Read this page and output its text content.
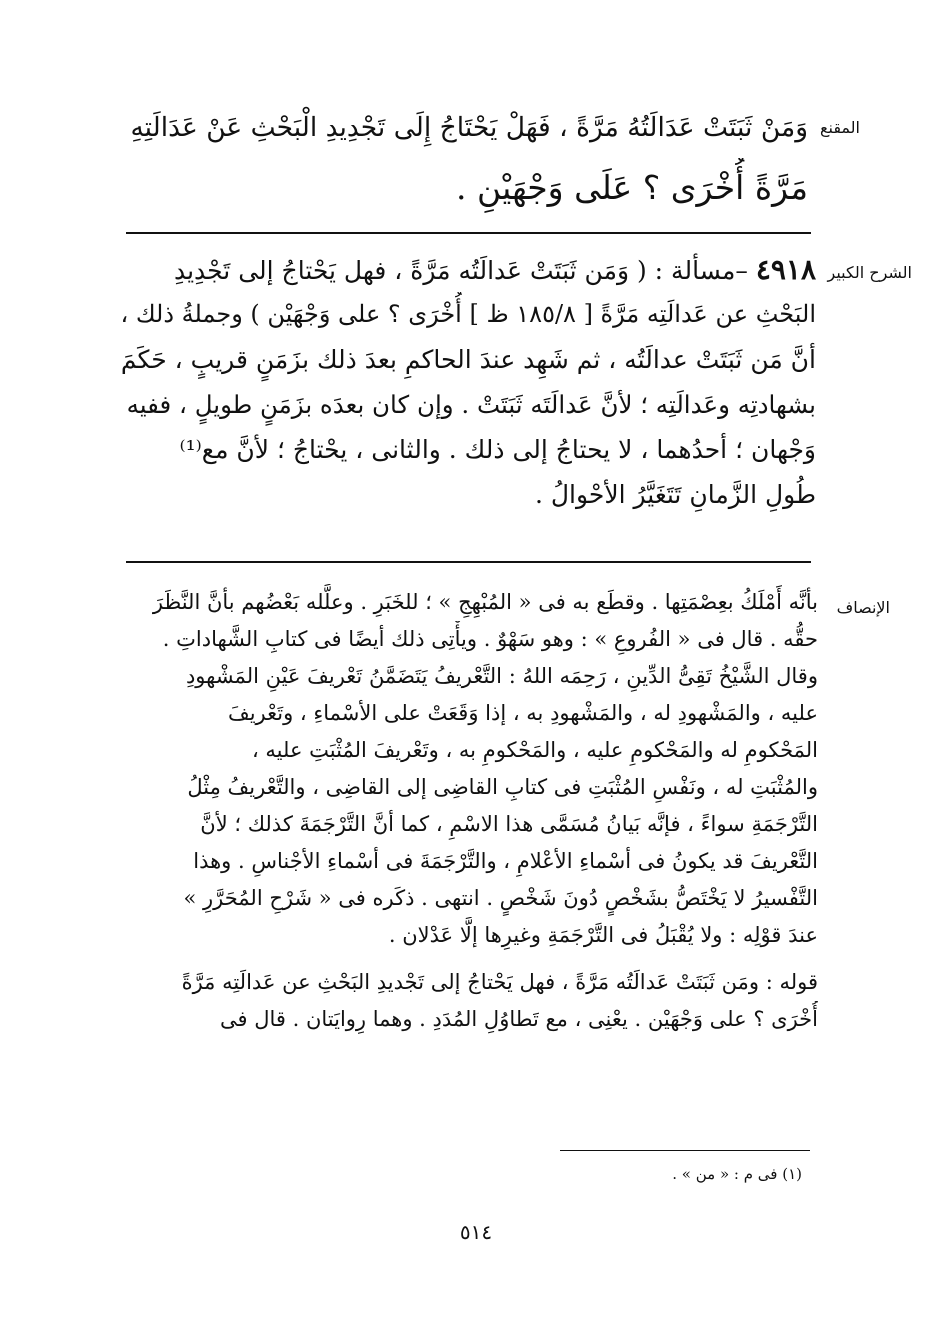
المقنع
وَمَنْ ثَبَتَتْ عَدَالَتُهُ مَرَّةً ، فَهَلْ يَحْتَاجُ إِلَى تَجْدِيدِ الْبَحْثِ عَنْ عَدَالَتِهِ
مَرَّةً أُخْرَى ؟ عَلَى وَجْهَيْنِ .
الشرح الكبير
٤٩١٨ –مسألة : ( وَمَن ثَبَتَتْ عَدالَتُه مَرَّةً ، فهل يَحْتاجُ إلى تَجْدِيدِ
البَحْثِ عن عَدالَتِه مَرَّةً [ ١٨٥/٨ ظ ] أُخْرَى ؟ على وَجْهَيْن ) وجملةُ ذلك ،
أنَّ مَن ثَبَتَتْ عدالَتُه ، ثم شَهِد عندَ الحاكمِ بعدَ ذلك بزَمَنٍ قريبٍ ، حَكَمَ
بشهادتِه وعَدالَتِه ؛ لأنَّ عَدالَتَه ثَبَتَتْ . وإن كان بعدَه بزَمَنٍ طويلٍ ، ففيه
وَجْهان ؛ أحدُهما ، لا يحتاجُ إلى ذلك . والثانى ، يحْتاجُ ؛ لأنَّ مع⁽¹⁾
طُولِ الزَّمانِ تَتَغَيَّرُ الأحْوالُ .
الإنصاف
بأنَّه أَمْلَكُ بعِصْمَتِها . وقطَع به فى « المُبْهِجِ » ؛ للخَبَرِ . وعلَّله بَعْضُهم بأنَّ النَّظَرَ
حقُّه . قال فى « الفُروعِ » : وهو سَهْوٌ . ويأْتِى ذلك أيضًا فى كتابِ الشَّهاداتِ .
وقال الشَّيْخُ تَقِىُّ الدِّينِ ، رَحِمَه اللهُ : التَّعْريفُ يَتَضَمَّنُ تَعْريفَ عَيْنِ المَشْهودِ
عليه ، والمَشْهودِ له ، والمَشْهودِ به ، إذا وَقَعَتْ على الأسْماءِ ، وتَعْريفَ
المَحْكومِ له والمَحْكومِ عليه ، والمَحْكومِ به ، وتَعْريفَ المُثْبَتِ عليه ،
والمُثْبَتِ له ، ونَفْسِ المُثْبَتِ فى كتابِ القاضِى إلى القاضِى ، والتَّعْريفُ مِثْلُ
التَّرْجَمَةِ سواءً ، فإنَّه بَيانُ مُسَمَّى هذا الاسْمِ ، كما أنَّ التَّرْجَمَةَ كذلك ؛ لأنَّ
التَّعْريفَ قد يكونُ فى أسْماءِ الأعْلامِ ، والتَّرْجَمَةَ فى أسْماءِ الأجْناسِ . وهذا
التَّفْسيرُ لا يَخْتَصُّ بشَخْصٍ دُونَ شَخْصٍ . انتهى . ذكَره فى « شَرْحِ المُحَرَّرِ »
عندَ قوْلِه : ولا يُقْبَلُ فى التَّرْجَمَةِ وغيرِها إلَّا عَدْلان .
قوله : ومَن ثَبَتَتْ عَدالَتُه مَرَّةً ، فهل يَحْتاجُ إلى تَجْديدِ البَحْثِ عن عَدالَتِه مَرَّةً
أُخْرَى ؟ على وَجْهَيْن . يعْنِى ، مع تَطاوُلِ المُدَدِ . وهما رِوايَتان . قال فى
(١) فى م : « من » .
٥١٤
